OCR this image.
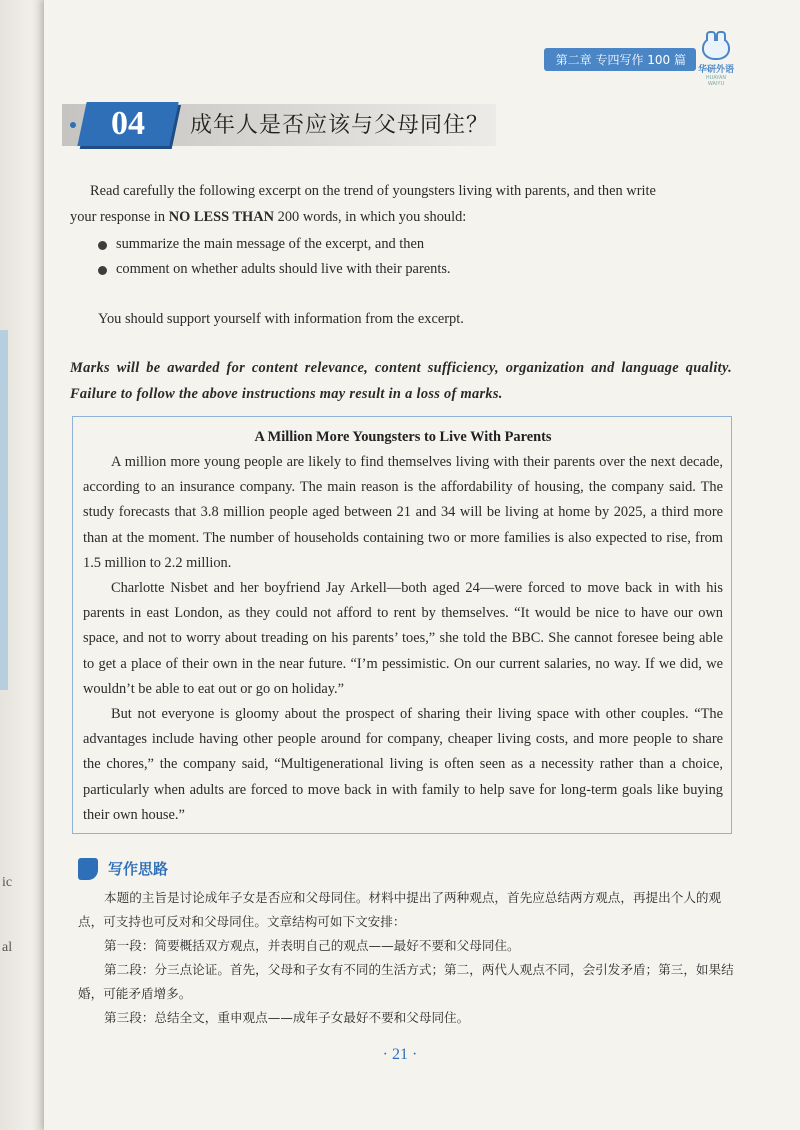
ic
al
第二章 专四写作 100 篇
华研外语
HUAYAN WAIYU
04	成年人是否应该与父母同住？
Read carefully the following excerpt on the trend of youngsters living with parents, and then write
your response in NO LESS THAN 200 words, in which you should:
summarize the main message of the excerpt, and then
comment on whether adults should live with their parents.
You should support yourself with information from the excerpt.
Marks will be awarded for content relevance, content sufficiency, organization and language quality. Failure to follow the above instructions may result in a loss of marks.
A Million More Youngsters to Live With Parents

A million more young people are likely to find themselves living with their parents over the next decade, according to an insurance company. The main reason is the affordability of housing, the company said. The study forecasts that 3.8 million people aged between 21 and 34 will be living at home by 2025, a third more than at the moment. The number of households containing two or more families is also expected to rise, from 1.5 million to 2.2 million.

Charlotte Nisbet and her boyfriend Jay Arkell—both aged 24—were forced to move back in with his parents in east London, as they could not afford to rent by themselves. “It would be nice to have our own space, and not to worry about treading on his parents’ toes,” she told the BBC. She cannot foresee being able to get a place of their own in the near future. “I’m pessimistic. On our current salaries, no way. If we did, we wouldn’t be able to eat out or go on holiday.”

But not everyone is gloomy about the prospect of sharing their living space with other couples. “The advantages include having other people around for company, cheaper living costs, and more people to share the chores,” the company said, “Multigenerational living is often seen as a necessity rather than a choice, particularly when adults are forced to move back in with family to help save for long-term goals like buying their own house.”

写作思路

本题的主旨是讨论成年子女是否应和父母同住。材料中提出了两种观点，首先应总结两方观点，再提出个人的观点，可支持也可反对和父母同住。文章结构可如下文安排：

第一段：简要概括双方观点，并表明自己的观点——最好不要和父母同住。

第二段：分三点论证。首先，父母和子女有不同的生活方式；第二，两代人观点不同，会引发矛盾；第三，如果结婚，可能矛盾增多。

第三段：总结全文，重申观点——成年子女最好不要和父母同住。

· 21 ·
